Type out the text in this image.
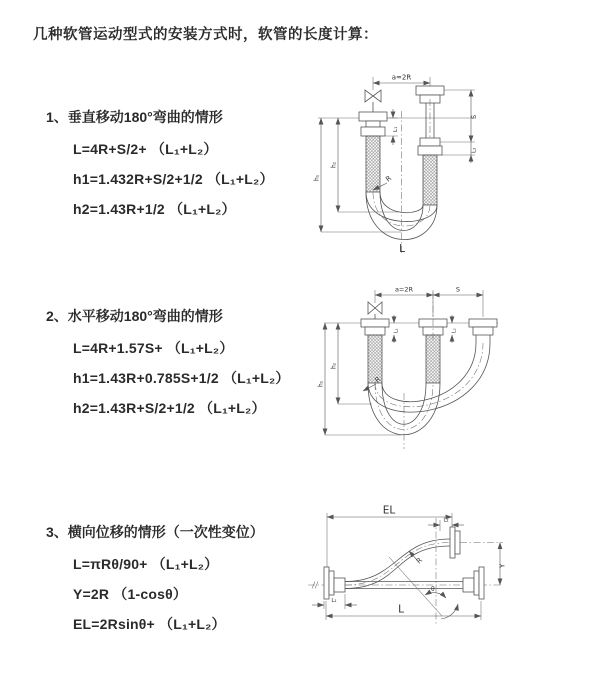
几种软管运动型式的安装方式时，软管的长度计算：

1、垂直移动180°弯曲的情形

L=4R+S/2+ （L₁+L₂）

h1=1.432R+S/2+1/2 （L₁+L₂）

h2=1.43R+1/2 （L₁+L₂）

2、水平移动180°弯曲的情形

L=4R+1.57S+ （L₁+L₂）

h1=1.43R+0.785S+1/2 （L₁+L₂）

h2=1.43R+S/2+1/2 （L₁+L₂）

3、横向位移的情形（一次性变位）

L=πRθ/90+ （L₁+L₂）

Y=2R （1-cosθ）

EL=2Rsinθ+ （L₁+L₂）

a=2R
L₁
S
L₂
h₂
h₁	R
L
a=2R	S
L₁	L₂
h₂
h₁	R
EL
L₂
Y
θ
R
L₁
L
